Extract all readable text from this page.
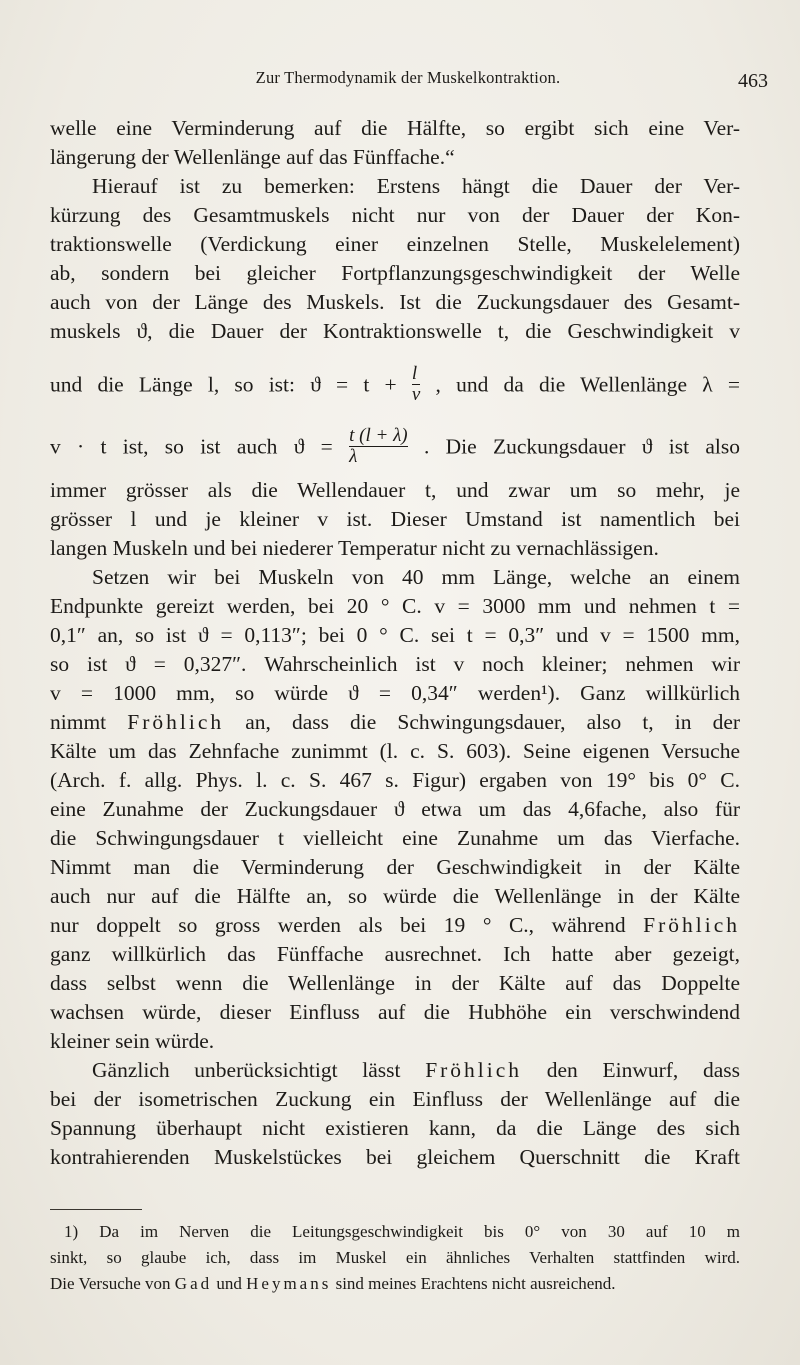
Zur Thermodynamik der Muskelkontraktion.	463
welle eine Verminderung auf die Hälfte, so ergibt sich eine Ver-
längerung der Wellenlänge auf das Fünffache.“
Hierauf ist zu bemerken: Erstens hängt die Dauer der Ver-
kürzung des Gesamtmuskels nicht nur von der Dauer der Kon-
traktionswelle (Verdickung einer einzelnen Stelle, Muskelelement)
ab, sondern bei gleicher Fortpflanzungsgeschwindigkeit der Welle
auch von der Länge des Muskels. Ist die Zuckungsdauer des Gesamt-
muskels ϑ, die Dauer der Kontraktionswelle t, die Geschwindigkeit v
und die Länge l, so ist: $ϑ = t + \frac{l}{v}$ , und da die Wellenlänge λ =
v · t ist, so ist auch $ϑ = \frac{t (l + \lambda)}{\lambda}$ . Die Zuckungsdauer ϑ ist also
immer grösser als die Wellendauer t, und zwar um so mehr, je
grösser l und je kleiner v ist. Dieser Umstand ist namentlich bei
langen Muskeln und bei niederer Temperatur nicht zu vernachlässigen.
Setzen wir bei Muskeln von 40 mm Länge, welche an einem
Endpunkte gereizt werden, bei 20 ° C. v = 3000 mm und nehmen t =
0,1″ an, so ist ϑ = 0,113″; bei 0 ° C. sei t = 0,3″ und v = 1500 mm,
so ist ϑ = 0,327″. Wahrscheinlich ist v noch kleiner; nehmen wir
v = 1000 mm, so würde ϑ = 0,34″ werden¹). Ganz willkürlich
nimmt Fröhlich an, dass die Schwingungsdauer, also t, in der
Kälte um das Zehnfache zunimmt (l. c. S. 603). Seine eigenen Versuche
(Arch. f. allg. Phys. l. c. S. 467 s. Figur) ergaben von 19° bis 0° C.
eine Zunahme der Zuckungsdauer ϑ etwa um das 4,6fache, also für
die Schwingungsdauer t vielleicht eine Zunahme um das Vierfache.
Nimmt man die Verminderung der Geschwindigkeit in der Kälte
auch nur auf die Hälfte an, so würde die Wellenlänge in der Kälte
nur doppelt so gross werden als bei 19 ° C., während Fröhlich
ganz willkürlich das Fünffache ausrechnet. Ich hatte aber gezeigt,
dass selbst wenn die Wellenlänge in der Kälte auf das Doppelte
wachsen würde, dieser Einfluss auf die Hubhöhe ein verschwindend
kleiner sein würde.
Gänzlich unberücksichtigt lässt Fröhlich den Einwurf, dass
bei der isometrischen Zuckung ein Einfluss der Wellenlänge auf die
Spannung überhaupt nicht existieren kann, da die Länge des sich
kontrahierenden Muskelstückes bei gleichem Querschnitt die Kraft
1) Da im Nerven die Leitungsgeschwindigkeit bis 0° von 30 auf 10 m
sinkt, so glaube ich, dass im Muskel ein ähnliches Verhalten stattfinden wird.
Die Versuche von Gad und Heymans sind meines Erachtens nicht ausreichend.
